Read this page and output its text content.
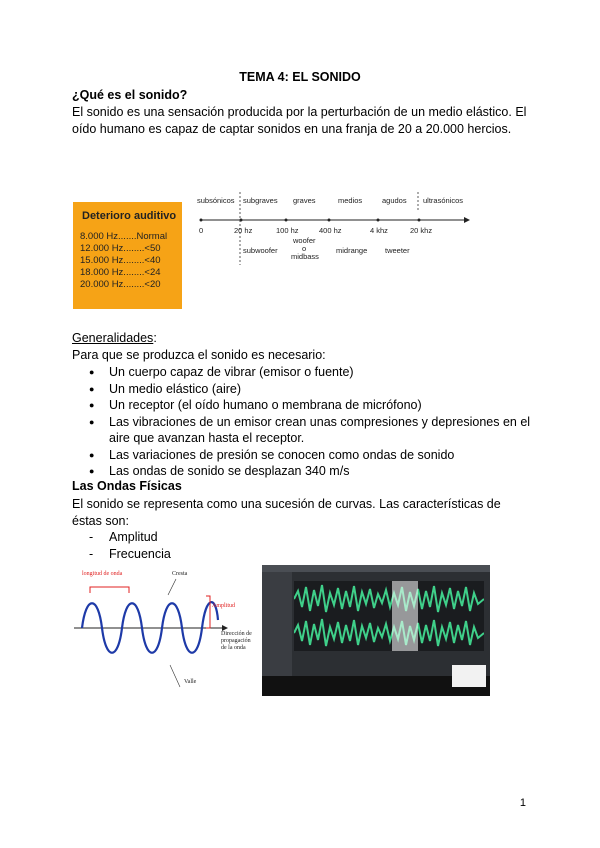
TEMA 4: EL SONIDO
¿Qué es el sonido?
El sonido es una sensación producida por la perturbación de un medio elástico. El oído humano es capaz de captar sonidos en una franja de 20 a 20.000 hercios.
Deterioro auditivo
8.000 Hz.......Normal
12.000 Hz........<50
15.000 Hz........<40
18.000 Hz........<24
20.000 Hz........<20
subsónicos subgraves graves	medios	agudos ultrasónicos
0	20 hz	100 hz	400 hz	4 khz	20 khz
subwoofer
woofer
o
midbass
midrange tweeter
Generalidades:
Para que se produzca el sonido es necesario:
● Un cuerpo capaz de vibrar (emisor o fuente)
● Un medio elástico (aire)
● Un receptor (el oído humano o membrana de micrófono)
● Las vibraciones de un emisor crean unas compresiones y depresiones en el aire que avanzan hasta el receptor.
● Las variaciones de presión se conocen como ondas de sonido
● Las ondas de sonido se desplazan 340 m/s
Las Ondas Físicas
El sonido se representa como una sucesión de curvas. Las características de éstas son:
- Amplitud
- Frecuencia
longitud de onda	Cresta
Amplitud
Dirección de
propagación
de la onda
Valle
1
